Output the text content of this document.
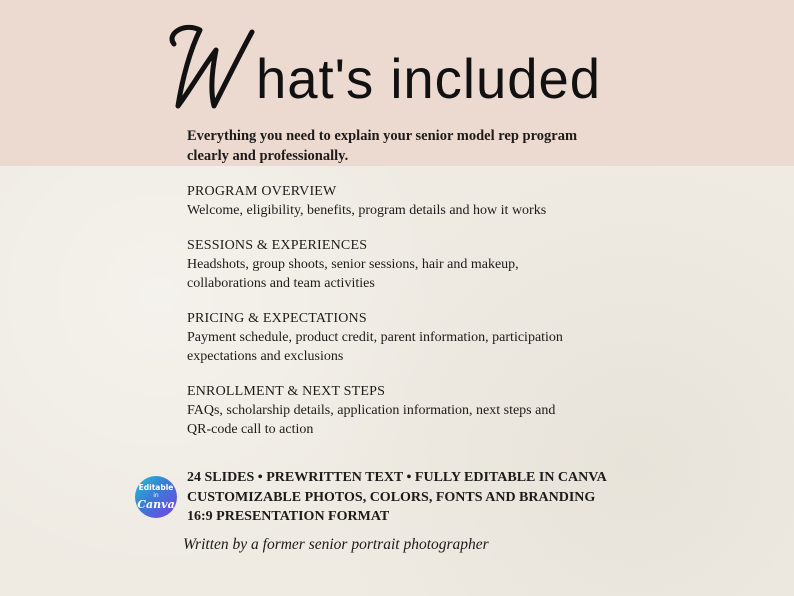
hat's included

Everything you need to explain your senior model rep program
clearly and professionally.

PROGRAM OVERVIEW

Welcome, eligibility, benefits, program details and how it works

SESSIONS & EXPERIENCES

Headshots, group shoots, senior sessions, hair and makeup,
collaborations and team activities

PRICING & EXPECTATIONS

Payment schedule, product credit, parent information, participation
expectations and exclusions

ENROLLMENT & NEXT STEPS

FAQs, scholarship details, application information, next steps and
QR-code call to action

Editable
in
Canva
24 SLIDES • PREWRITTEN TEXT • FULLY EDITABLE IN CANVA
CUSTOMIZABLE PHOTOS, COLORS, FONTS AND BRANDING
16:9 PRESENTATION FORMAT
Written by a former senior portrait photographer
